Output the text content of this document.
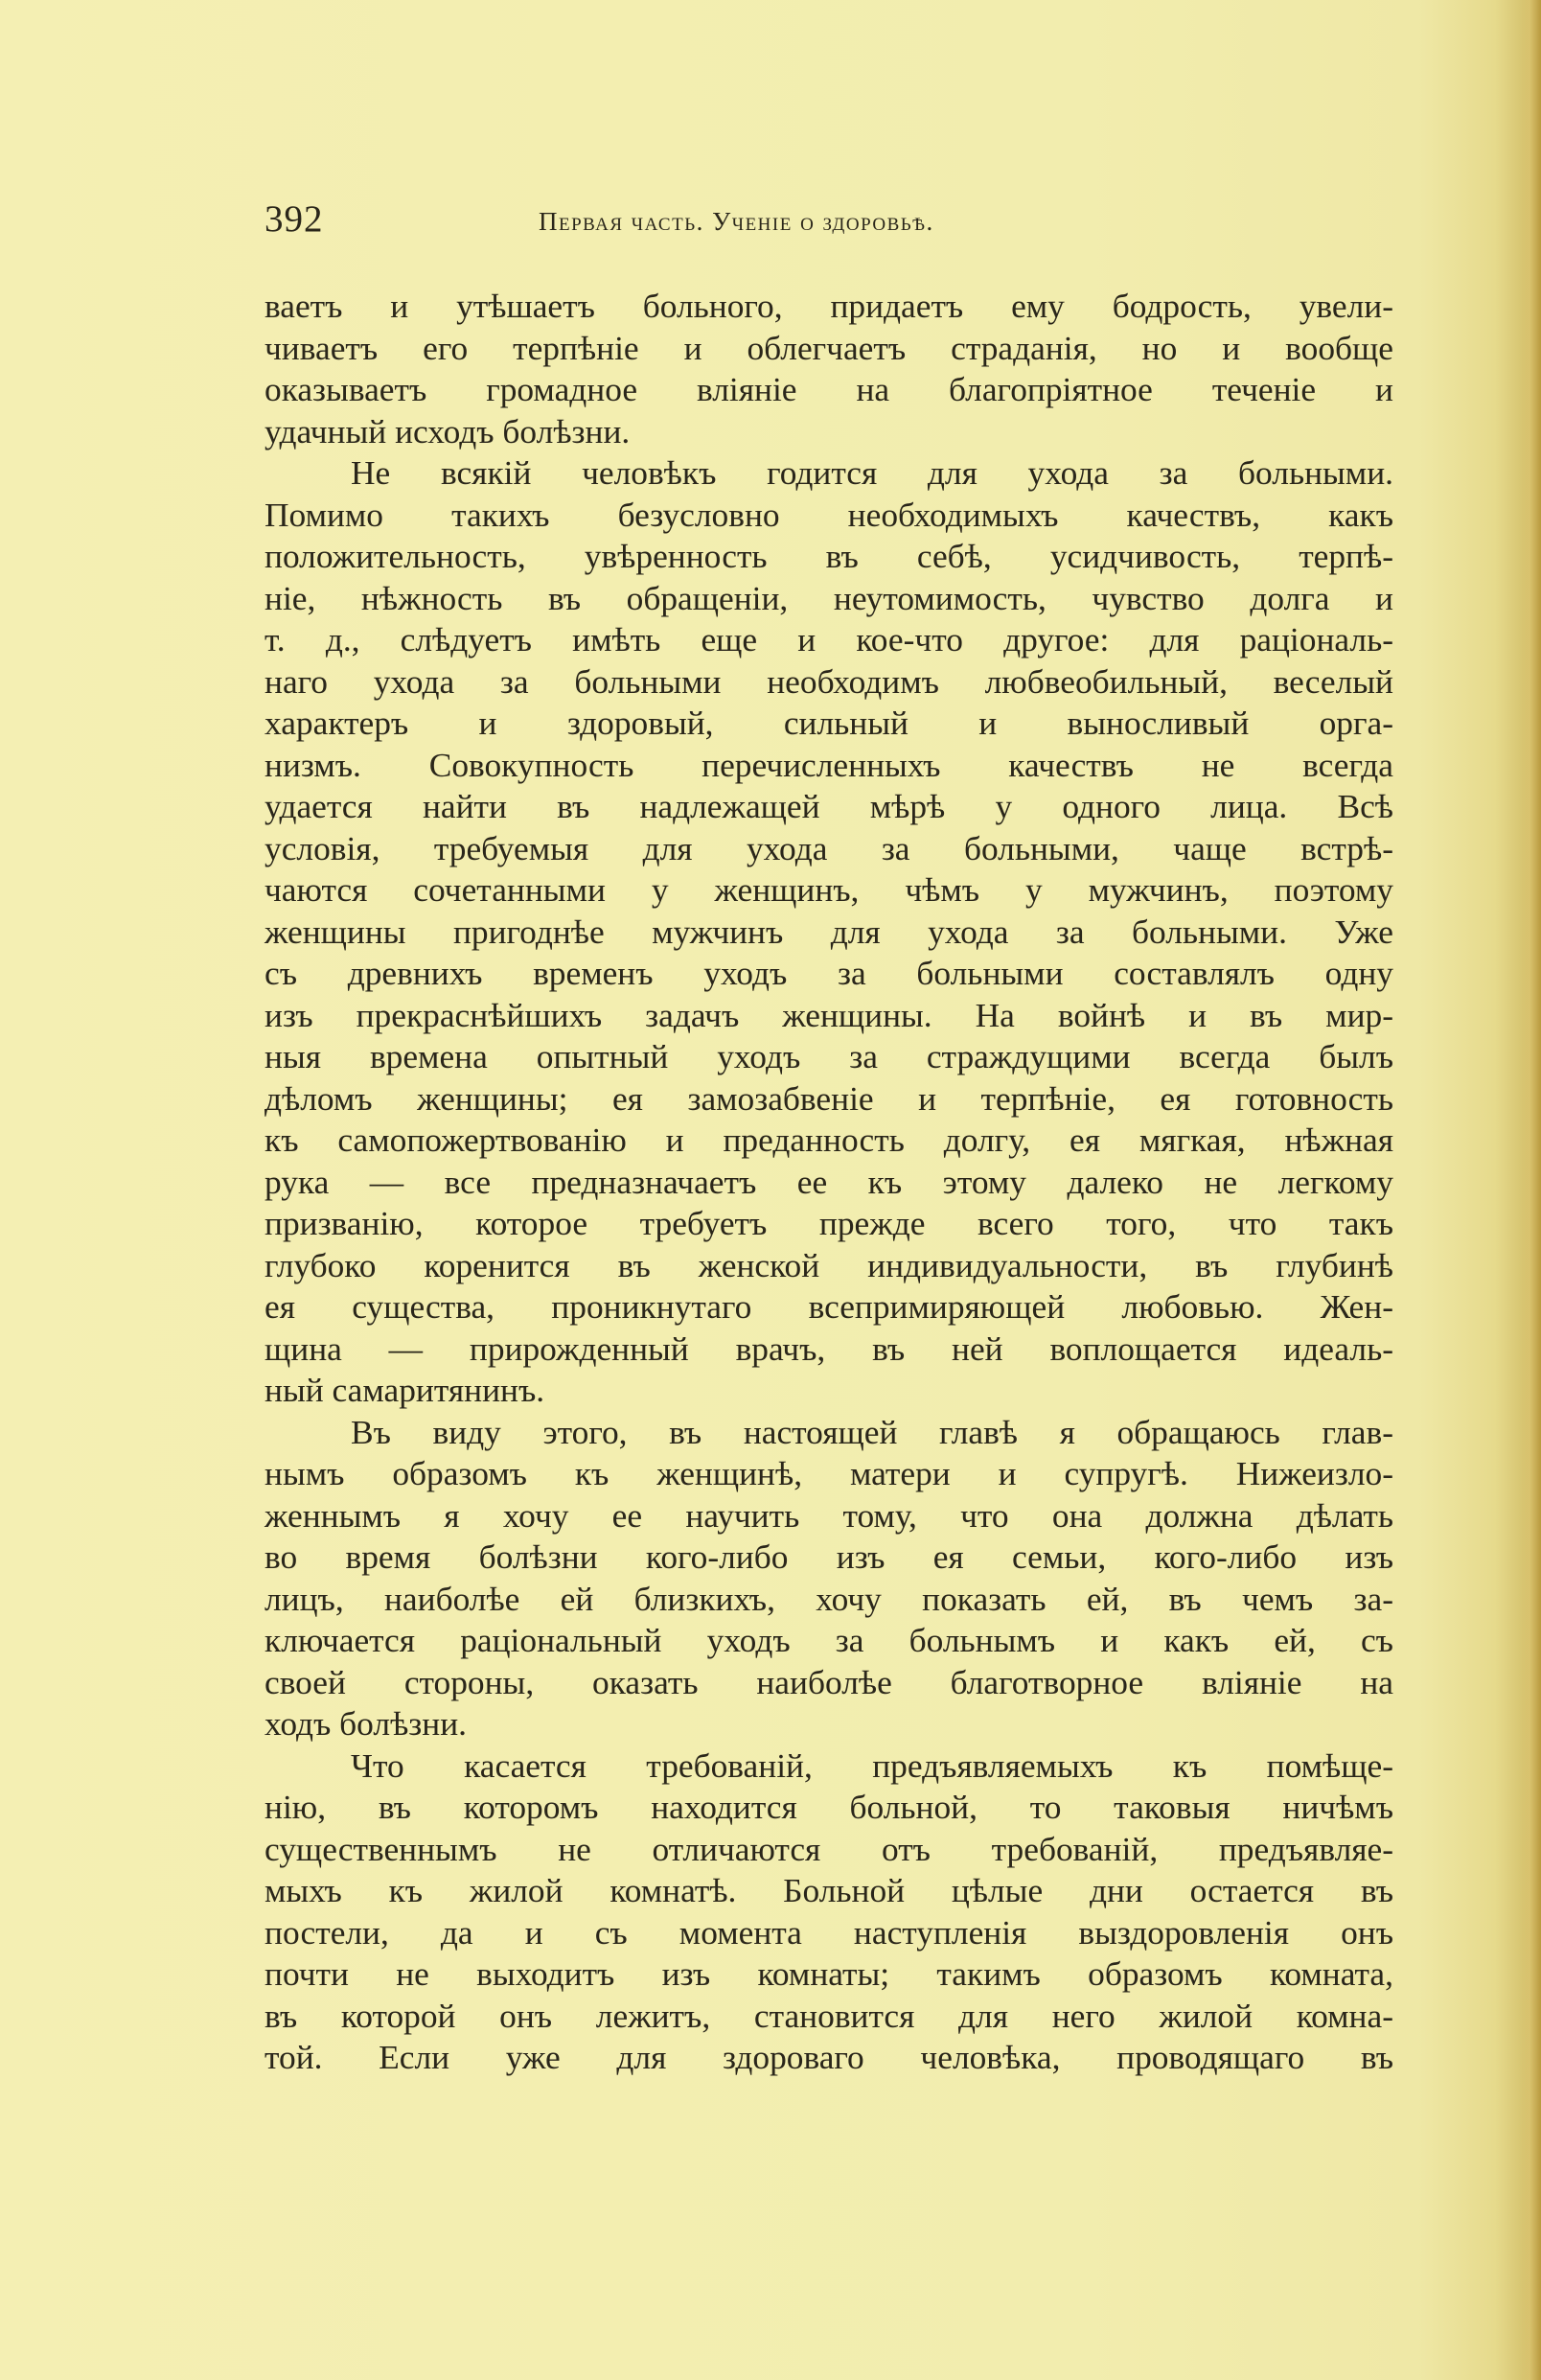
392	Первая часть. Ученіе о здоровьѣ.
ваетъ и утѣшаетъ больного, придаетъ ему бодрость, увели-
чиваетъ его терпѣніе и облегчаетъ страданія, но и вообще
оказываетъ громадное вліяніе на благопріятное теченіе и
удачный исходъ болѣзни.
Не всякій человѣкъ годится для ухода за больными.
Помимо такихъ безусловно необходимыхъ качествъ, какъ
положительность, увѣренность въ себѣ, усидчивость, терпѣ-
ніе, нѣжность въ обращеніи, неутомимость, чувство долга и
т. д., слѣдуетъ имѣть еще и кое-что другое: для раціональ-
наго ухода за больными необходимъ любвеобильный, веселый
характеръ и здоровый, сильный и выносливый орга-
низмъ. Совокупность перечисленныхъ качествъ не всегда
удается найти въ надлежащей мѣрѣ у одного лица. Всѣ
условія, требуемыя для ухода за больными, чаще встрѣ-
чаются сочетанными у женщинъ, чѣмъ у мужчинъ, поэтому
женщины пригоднѣе мужчинъ для ухода за больными. Уже
съ древнихъ временъ уходъ за больными составлялъ одну
изъ прекраснѣйшихъ задачъ женщины. На войнѣ и въ мир-
ныя времена опытный уходъ за страждущими всегда былъ
дѣломъ женщины; ея замозабвеніе и терпѣніе, ея готовность
къ самопожертвованію и преданность долгу, ея мягкая, нѣжная
рука — все предназначаетъ ее къ этому далеко не легкому
призванію, которое требуетъ прежде всего того, что такъ
глубоко коренится въ женской индивидуальности, въ глубинѣ
ея существа, проникнутаго всепримиряющей любовью. Жен-
щина — прирожденный врачъ, въ ней воплощается идеаль-
ный самаритянинъ.
Въ виду этого, въ настоящей главѣ я обращаюсь глав-
нымъ образомъ къ женщинѣ, матери и супругѣ. Нижеизло-
женнымъ я хочу ее научить тому, что она должна дѣлать
во время болѣзни кого-либо изъ ея семьи, кого-либо изъ
лицъ, наиболѣе ей близкихъ, хочу показать ей, въ чемъ за-
ключается раціональный уходъ за больнымъ и какъ ей, съ
своей стороны, оказать наиболѣе благотворное вліяніе на
ходъ болѣзни.
Что касается требованій, предъявляемыхъ къ помѣще-
нію, въ которомъ находится больной, то таковыя ничѣмъ
существеннымъ не отличаются отъ требованій, предъявляе-
мыхъ къ жилой комнатѣ. Больной цѣлые дни остается въ
постели, да и съ момента наступленія выздоровленія онъ
почти не выходитъ изъ комнаты; такимъ образомъ комната,
въ которой онъ лежитъ, становится для него жилой комна-
той. Если уже для здороваго человѣка, проводящаго въ
